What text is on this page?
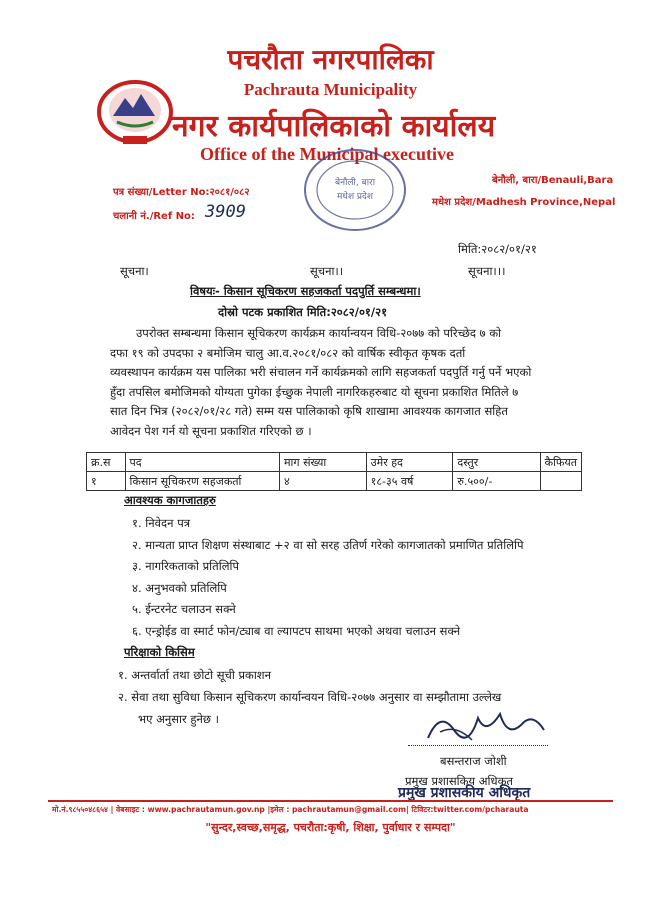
पचरौता नगरपालिका
Pachrauta Municipality
नगर कार्यपालिकाको कार्यालय
Office of the Municipal executive
बेनौली, बारा
मधेश प्रदेश
पत्र संख्या/Letter No:२०८१/०८२
चलानी नं./Ref No: 3909
बेनौली, बारा/Benauli,Bara
मधेश प्रदेश/Madhesh Province,Nepal
मिति:२०८२/०१/२१
सूचना।	सूचना।।	सूचना।।।
विषयः- किसान सूचिकरण सहजकर्ता पदपुर्ति सम्बन्धमा।
दोस्रो पटक प्रकाशित मिति:२०८२/०१/२१
उपरोक्त सम्बन्धमा किसान सूचिकरण कार्यक्रम कार्यान्वयन विधि-२०७७ को परिच्छेद ७ को
दफा १९ को उपदफा २ बमोजिम चालु आ.व.२०८१/०८२ को वार्षिक स्वीकृत कृषक दर्ता
व्यवस्थापन कार्यक्रम यस पालिका भरी संचालन गर्ने कार्यक्रमको लागि सहजकर्ता पदपुर्ति गर्नु पर्ने भएको
हुँदा तपसिल बमोजिमको योग्यता पुगेका ईच्छुक नेपाली नागरिकहरुबाट यो सूचना प्रकाशित मितिले ७
सात दिन भित्र (२०८२/०१/२८ गते) सम्म यस पालिकाको कृषि शाखामा आवश्यक कागजात सहित
आवेदन पेश गर्न यो सूचना प्रकाशित गरिएको छ ।
क्र.स	पद	माग संख्या	उमेर हद	दस्तुर	कैफियत
१	किसान सूचिकरण सहजकर्ता	४	१८-३५ वर्ष	रु.५००/-	
आवश्यक कागजातहरु
१. निवेदन पत्र
२. मान्यता प्राप्त शिक्षण संस्थाबाट +२ वा सो सरह उतिर्ण गरेको कागजातको प्रमाणित प्रतिलिपि
३. नागरिकताको प्रतिलिपि
४. अनुभवको प्रतिलिपि
५. ईन्टरनेट चलाउन सक्ने
६. एन्ड्रोईड वा स्मार्ट फोन/ट्याब वा ल्यापटप साथमा भएको अथवा चलाउन सक्ने
परिक्षाको किसिम
१. अन्तर्वार्ता तथा छोटो सूची प्रकाशन
२. सेवा तथा सुविधा किसान सूचिकरण कार्यान्वयन विधि-२०७७ अनुसार वा सम्झौतामा उल्लेख
भए अनुसार हुनेछ ।
बसन्तराज जोशी
प्रमुख प्रशासकिय अधिकृत
प्रमुख प्रशासकीय अधिकृत
मो.नं.९८५५०४८६५४ | वेबसाइट : www.pachrautamun.gov.np |इमेल : pachrautamun@gmail.com| टिविटर:twitter.com/pcharauta
"सुन्दर,स्वच्छ,समृद्ध, पचरौता:कृषी, शिक्षा, पुर्वाधार र सम्पदा"
